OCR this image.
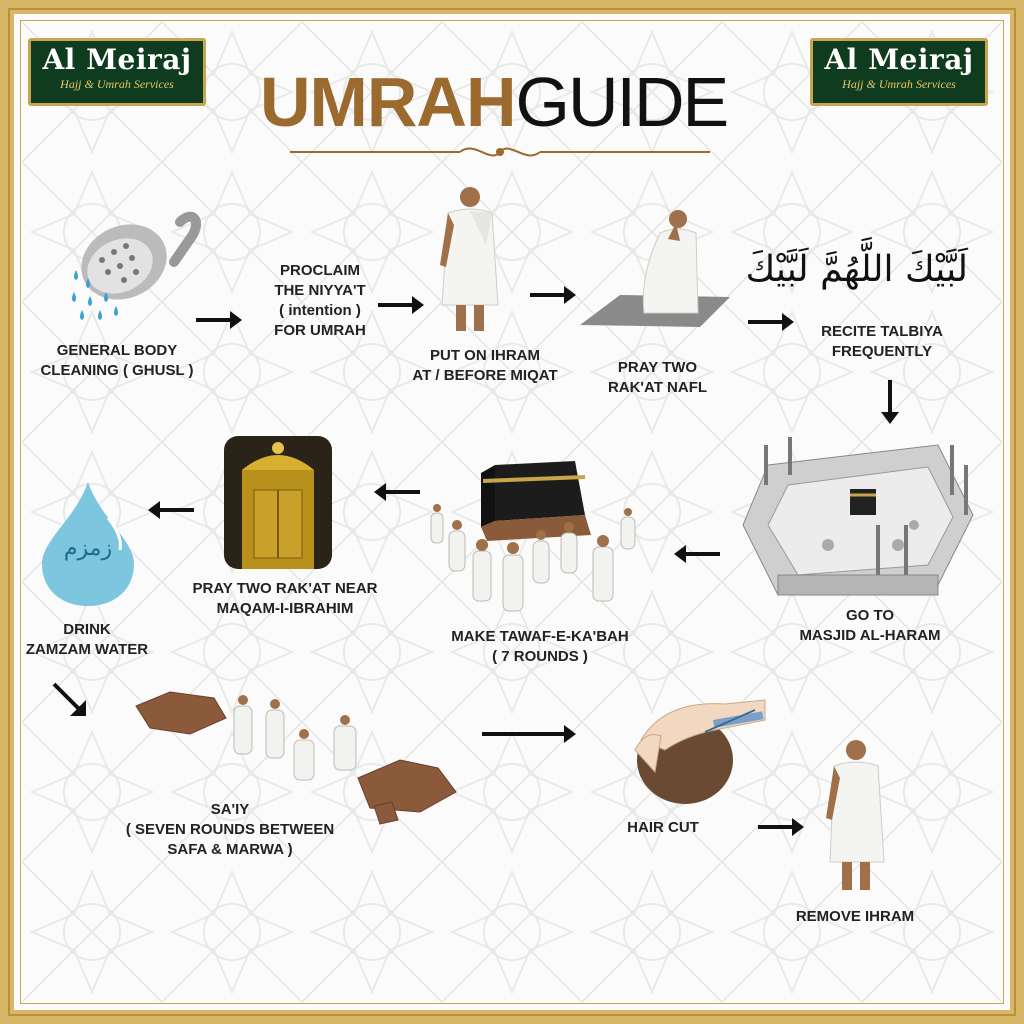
Al Meiraj
Hajj & Umrah Services
Al Meiraj
Hajj & Umrah Services
UMRAHGUIDE
GENERAL BODY
CLEANING ( GHUSL )
PROCLAIM
THE NIYYA'T
( intention )
FOR UMRAH
PUT ON IHRAM
AT / BEFORE MIQAT	PRAY TWO
RAK'AT NAFL
لَبَّيْكَ اللَّهُمَّ لَبَّيْكَ
RECITE TALBIYA
FREQUENTLY
GO TO
MASJID AL-HARAM
MAKE TAWAF-E-KA'BAH
( 7 ROUNDS )
PRAY TWO RAK'AT NEAR
MAQAM-I-IBRAHIM
زمزم
DRINK
ZAMZAM WATER
SA'IY
( SEVEN ROUNDS BETWEEN
SAFA & MARWA )
HAIR CUT
REMOVE IHRAM
